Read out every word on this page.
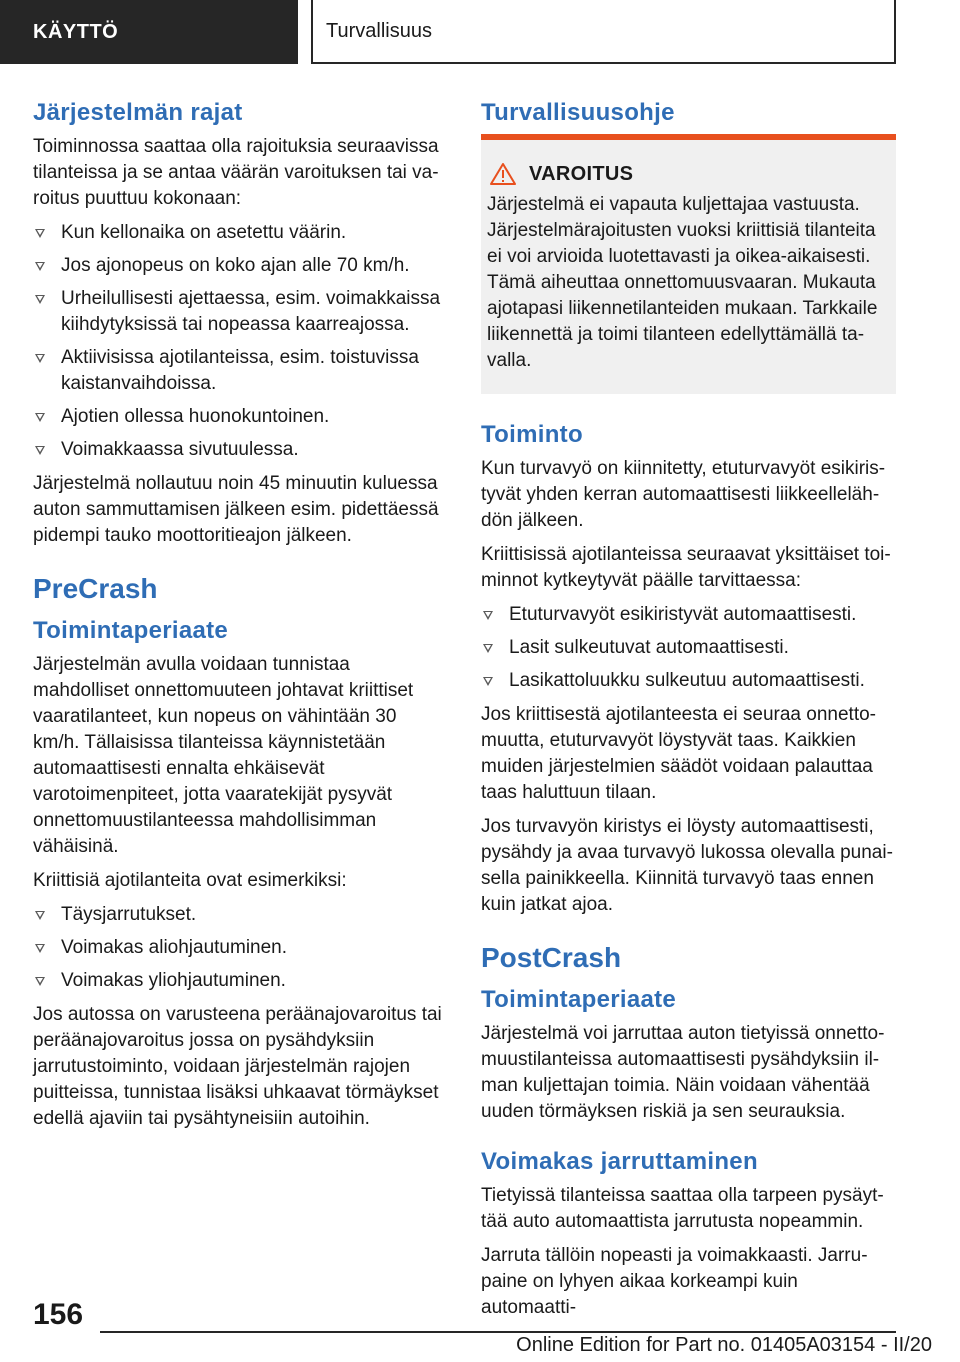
KÄYTTÖ	Turvallisuus
Järjestelmän rajat

Toiminnossa saattaa olla rajoituksia seuraavissa tilanteissa ja se antaa väärän varoituksen tai varoitus puuttuu kokonaan:

Kun kellonaika on asetettu väärin.
Jos ajonopeus on koko ajan alle 70 km/h.
Urheilullisesti ajettaessa, esim. voimakkaissa kiihdytyksissä tai nopeassa kaarreajossa.
Aktiivisissa ajotilanteissa, esim. toistuvissa kaistanvaihdoissa.
Ajotien ollessa huonokuntoinen.
Voimakkaassa sivutuulessa.

Järjestelmä nollautuu noin 45 minuutin kuluessa auton sammuttamisen jälkeen esim. pidettäessä pidempi tauko moottoritieajon jälkeen.

PreCrash
Toimintaperiaate

Järjestelmän avulla voidaan tunnistaa mahdolliset onnettomuuteen johtavat kriittiset vaaratilanteet, kun nopeus on vähintään 30 km/h. Tällaisissa tilanteissa käynnistetään automaattisesti ennalta ehkäisevät varotoimenpiteet, jotta vaaratekijät pysyvät onnettomuustilanteessa mahdollisimman vähäisinä.

Kriittisiä ajotilanteita ovat esimerkiksi:

Täysjarrutukset.
Voimakas aliohjautuminen.
Voimakas yliohjautuminen.

Jos autossa on varusteena peräänajovaroitus tai peräänajovaroitus jossa on pysähdyksiin jarrutustoiminto, voidaan järjestelmän rajojen puitteissa, tunnistaa lisäksi uhkaavat törmäykset edellä ajaviin tai pysähtyneisiin autoihin.

Turvallisuusohje
VAROITUS

Järjestelmä ei vapauta kuljettajaa vastuusta. Järjestelmärajoitusten vuoksi kriittisiä tilanteita ei voi arvioida luotettavasti ja oikea-aikaisesti. Tämä aiheuttaa onnettomuusvaaran. Mukauta ajotapasi liikennetilanteiden mukaan. Tarkkaile liikennettä ja toimi tilanteen edellyttämällä tavalla.

Toiminto

Kun turvavyö on kiinnitetty, etuturvavyöt esikiristyvät yhden kerran automaattisesti liikkeellelähdön jälkeen.

Kriittisissä ajotilanteissa seuraavat yksittäiset toiminnot kytkeytyvät päälle tarvittaessa:

Etuturvavyöt esikiristyvät automaattisesti.
Lasit sulkeutuvat automaattisesti.
Lasikattoluukku sulkeutuu automaattisesti.

Jos kriittisestä ajotilanteesta ei seuraa onnettomuutta, etuturvavyöt löystyvät taas. Kaikkien muiden järjestelmien säädöt voidaan palauttaa taas haluttuun tilaan.

Jos turvavyön kiristys ei löysty automaattisesti, pysähdy ja avaa turvavyö lukossa olevalla punaisella painikkeella. Kiinnitä turvavyö taas ennen kuin jatkat ajoa.

PostCrash
Toimintaperiaate

Järjestelmä voi jarruttaa auton tietyissä onnettomuustilanteissa automaattisesti pysähdyksiin ilman kuljettajan toimia. Näin voidaan vähentää uuden törmäyksen riskiä ja sen seurauksia.

Voimakas jarruttaminen

Tietyissä tilanteissa saattaa olla tarpeen pysäyttää auto automaattista jarrutusta nopeammin.

Jarruta tällöin nopeasti ja voimakkaasti. Jarrupaine on lyhyen aikaa korkeampi kuin automaatti-

156
Online Edition for Part no. 01405A03154 - II/20
